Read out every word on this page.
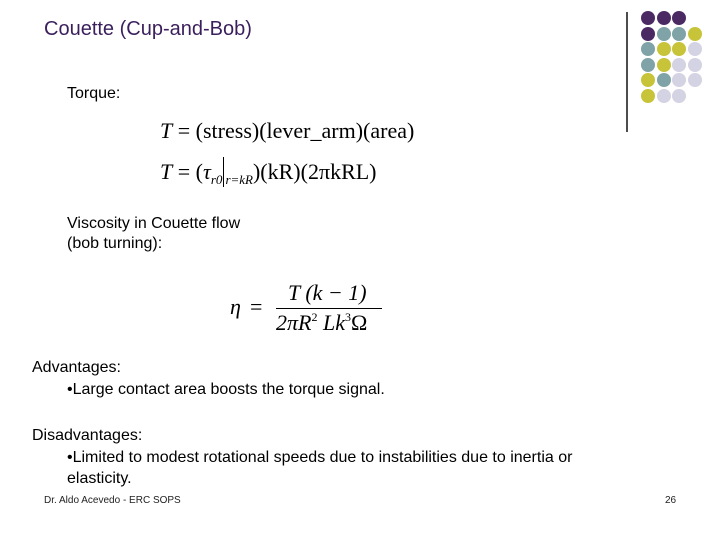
Couette (Cup-and-Bob)
Torque:
T = (stress)(lever_arm)(area)
$T = (\tau_{r0}$ $_{r=kR}$)(kR)(2πkRL)
Viscosity in Couette flow
(bob turning):
η =
T (k − 1)
$2\pi R^2$ Lk$^3$Ω
Advantages:
•Large contact area boosts the torque signal.
Disadvantages:
•Limited to modest rotational speeds due to instabilities due to inertia or
elasticity.
Dr. Aldo Acevedo - ERC SOPS	26
